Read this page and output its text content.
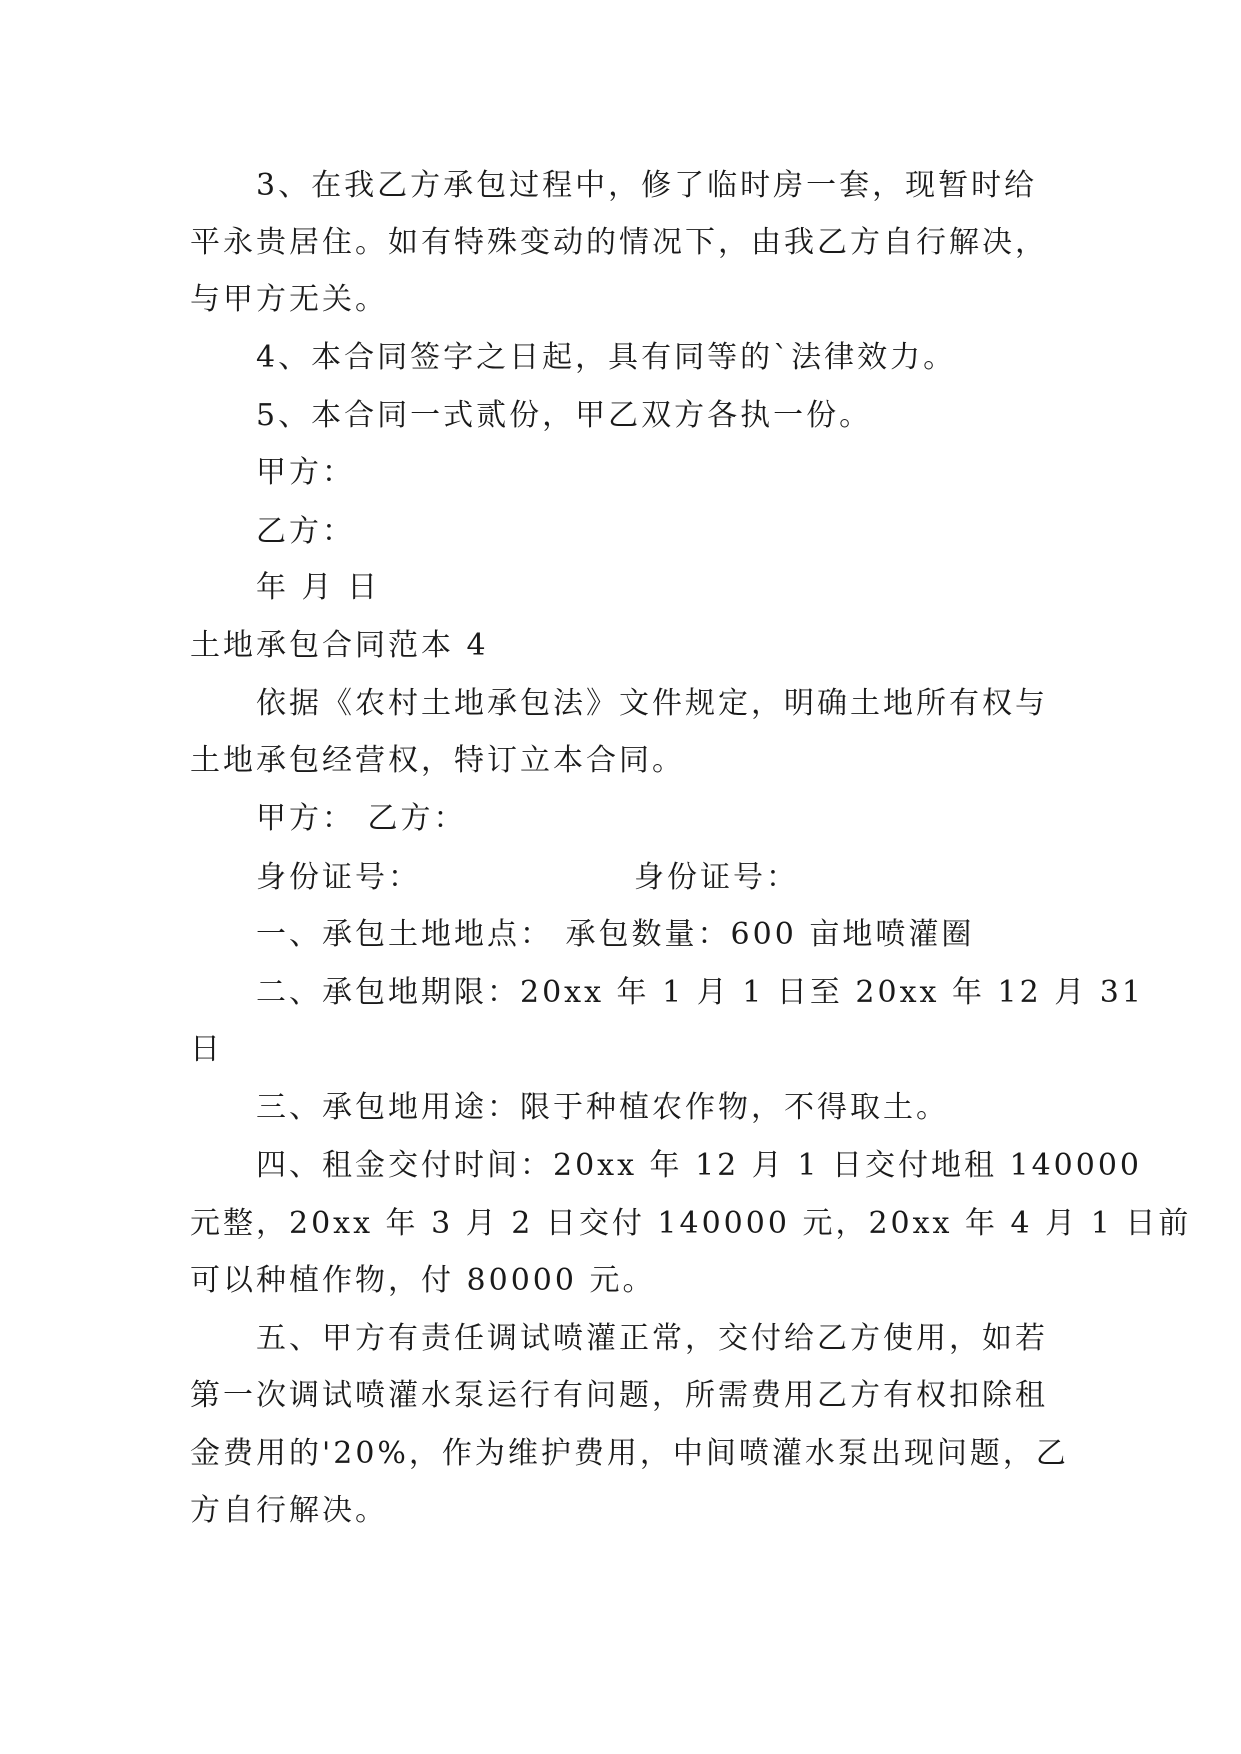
3、在我乙方承包过程中，修了临时房一套，现暂时给
平永贵居住。如有特殊变动的情况下，由我乙方自行解决，
与甲方无关。
4、本合同签字之日起，具有同等的`法律效力。
5、本合同一式贰份，甲乙双方各执一份。
甲方：
乙方：
年 月 日
土地承包合同范本 4
依据《农村土地承包法》文件规定，明确土地所有权与
土地承包经营权，特订立本合同。
甲方： 乙方：
身份证号：	身份证号：
一、承包土地地点： 承包数量：600 亩地喷灌圈
二、承包地期限：20xx 年 1 月 1 日至 20xx 年 12 月 31
日
三、承包地用途：限于种植农作物，不得取土。
四、租金交付时间：20xx 年 12 月 1 日交付地租 140000
元整，20xx 年 3 月 2 日交付 140000 元，20xx 年 4 月 1 日前
可以种植作物，付 80000 元。
五、甲方有责任调试喷灌正常，交付给乙方使用，如若
第一次调试喷灌水泵运行有问题，所需费用乙方有权扣除租
金费用的'20%，作为维护费用，中间喷灌水泵出现问题，乙
方自行解决。
